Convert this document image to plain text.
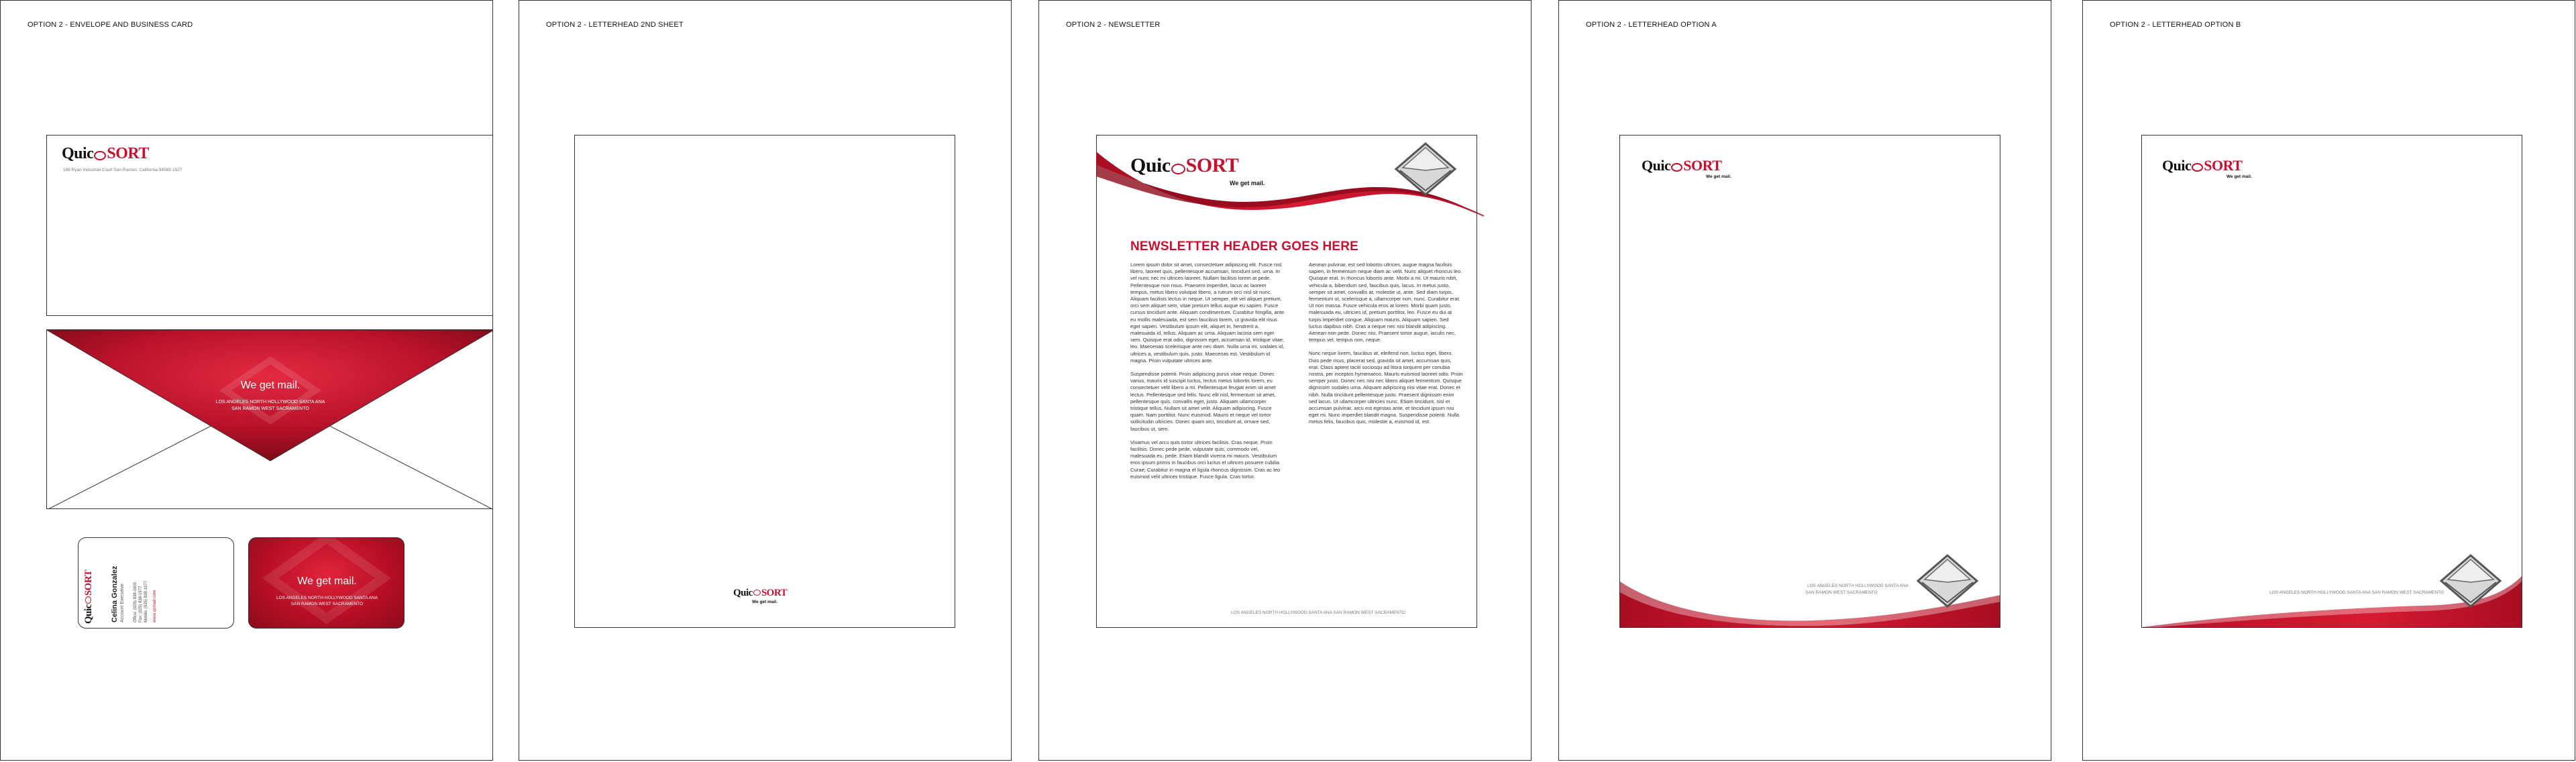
OPTION 2 - ENVELOPE AND BUSINESS CARD
Quic SORT
189 Ryan Industrial Court San Ramon, California 94583-1527
We get mail.
LOS ANGELES NORTH HOLLYWOOD SANTA ANA
SAN RAMON WEST SACRAMENTO
QuicSORT Celina Gonzalez Account Executive Office: (925) 838-1900 Fax: (925) 838-1977 Mobile: (925) 838-1977 www.qsmail.com
We get mail.
LOS ANGELES NORTH HOLLYWOOD SANTA ANA
SAN RAMON WEST SACRAMENTO
OPTION 2 - LETTERHEAD 2ND SHEET
Quic SORT
We get mail.
OPTION 2 - NEWSLETTER
Quic SORT
We get mail.
NEWSLETTER HEADER GOES HERE

Lorem ipsum dolor sit amet, consectetuer adipiscing elit. Fusce nisl libero, laoreet quis, pellentesque accumsan, tincidunt sed, urna. In vel nunc nec mi ultrices laoreet. Nullam facilisis lorem at pede. Pellentesque non risus. Praesent imperdiet, lacus ac laoreet tempus, metus libero volutpat libero, a rutrum orci nisl sit nunc. Aliquam facilisis lectus in neque. Ut semper, elit vel aliquet pretium, orci sem aliquet sem, vitae pretium tellus augue eu sapien. Fusce cursus tincidunt ante. Aliquam condimentum. Curabitur fringilla, ante eu mollis malesuada, est sem faucibus lorem, ut gravida elit risus eget sapien. Vestibulum ipsum elit, aliquet in, hendrerit a, malesuada id, tellus. Aliquam ac urna. Aliquam lacinia sem eget sem. Quisque erat odio, dignissim eget, accumsan id, tristique vitae, leo. Maecenas scelerisque ante nec diam. Nulla urna mi, sodales id, ultrices a, vestibulum quis, justo. Maecenas est. Vestibulum id magna. Proin vulputate ultrices ante.

Suspendisse potenti. Proin adipiscing purus vitae neque. Donec varius, mauris id suscipit luctus, lectus metus lobortis lorem, eu consectetuer velit libero a mi. Pellentesque feugiat enim sit amet lectus. Pellentesque sed felis. Nunc elit nisl, fermentum sit amet, pellentesque quis, convallis eget, justo. Aliquam ullamcorper tristique tellus. Nullam sit amet velit. Aliquam adipiscing. Fusce quam. Nam porttitor. Nunc euismod. Mauris et neque vel tortor sollicitudin ultricies. Donec quam orci, tincidunt at, ornare sed, faucibus ut, sem.

Vivamus vel arcu quis tortor ultrices facilisis. Cras neque. Proin facilisis. Donec pede pede, vulputate quis, commodo vel, malesuada eu, pede. Etiam blandit viverra mi mauris. Vestibulum eros ipsum primis in faucibus orci luctus et ultrices posuere cubilia Curae; Curabitur in magna et ligula rhoncus dignissim. Cras ac leo euismod velit ultrices tristique. Fusce ligula. Cras tortor.

Aenean pulvinar, est sed lobortis ultrices, augue magna facilisis sapien, in fermentum neque diam ac velit. Nunc aliquet rhoncus leo. Quisque erat. In rhoncus lobortis ante. Morbi a mi. Ut mauris nibh, vehicula a, bibendum sed, faucibus quis, lacus. In metus justo, semper sit amet, convallis at, molestie ut, ante. Sed diam turpis, fermentum ut, scelerisque a, ullamcorper non, nunc. Curabitur erat. Ut non massa. Fusce vehicula eros at lorem. Morbi quam justo, malesuada eu, ultricies id, pretium porttitor, leo. Fusce eu dui at turpis imperdiet congue. Aliquam mauris. Aliquam sapien. Sed luctus dapibus nibh. Cras a neque nec nisi blandit adipiscing. Aenean non pede. Donec nisi. Praesent tortor augue, iaculis nec, tempus vel, tempus non, neque.

Nunc neque lorem, faucibus at, eleifend non, luctus eget, libero. Duis pede risus, placerat sed, gravida sit amet, accumsan quis, erat. Class aptent taciti sociosqu ad litora torquent per conubia nostra, per inceptos hymenaeos. Mauris euismod laoreet odio. Proin semper justo. Donec nec nisi nec libero aliquet fermentum. Quisque dignissim sodales urna. Aliquam adipiscing nisi vitae erat. Donec et nibh. Nulla tincidunt pellentesque justo. Praesent dignissim enim sed lacus. Ut ullamcorper ultricies nunc. Etiam tincidunt, nisl et accumsan pulvinar, arcu est egestas ante, et tincidunt ipsum nisi eget mi. Nunc imperdiet blandit magna. Suspendisse potenti. Nulla metus felis, faucibus quis, molestie a, euismod id, est.

LOS ANGELES NORTH HOLLYWOOD SANTA ANA SAN RAMON WEST SACRAMENTO
OPTION 2 - LETTERHEAD OPTION A
Quic SORT
We get mail.
LOS ANGELES NORTH HOLLYWOOD SANTA ANA
SAN RAMON WEST SACRAMENTO
OPTION 2 - LETTERHEAD OPTION B
Quic SORT
We get mail.
LOS ANGELES NORTH HOLLYWOOD SANTA ANA SAN RAMON WEST SACRAMENTO
